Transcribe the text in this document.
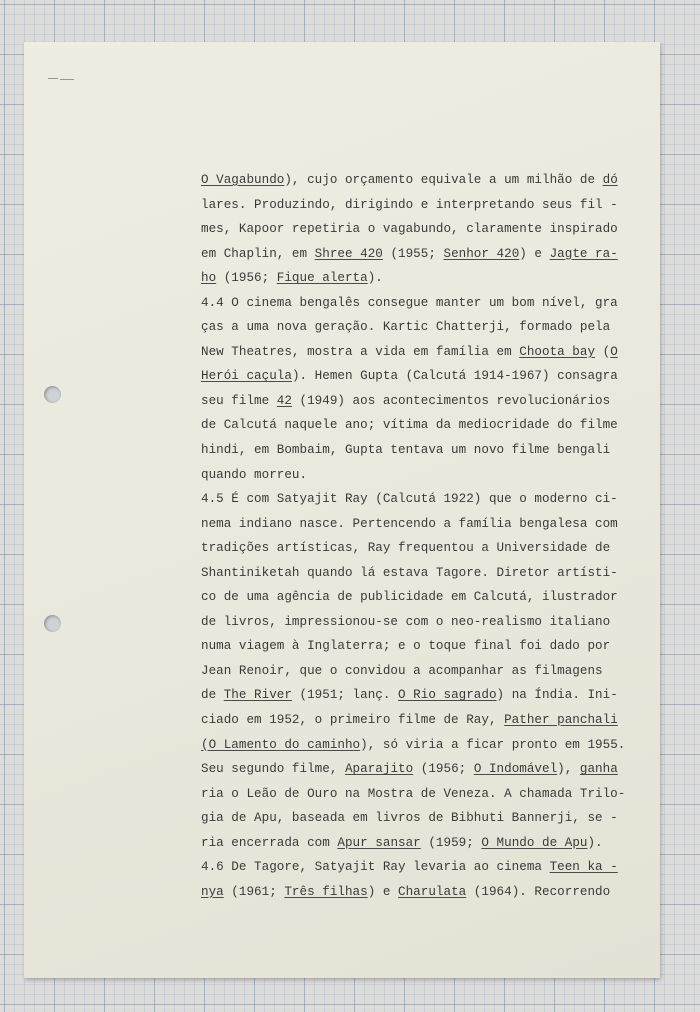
O Vagabundo), cujo orçamento equivale a um milhão de dó
lares. Produzindo, dirigindo e interpretando seus fil -
mes, Kapoor repetiria o vagabundo, claramente inspirado
em Chaplin, em Shree 420 (1955; Senhor 420) e Jagte ra-
ho (1956; Fique alerta).
4.4 O cinema bengalês consegue manter um bom nível, gra
ças a uma nova geração. Kartic Chatterji, formado pela
New Theatres, mostra a vida em família em Choota bay (O
Herói caçula). Hemen Gupta (Calcutá 1914-1967) consagra
seu filme 42 (1949) aos acontecimentos revolucionários
de Calcutá naquele ano; vítima da mediocridade do filme
hindi, em Bombaim, Gupta tentava um novo filme bengali
quando morreu.
4.5 É com Satyajit Ray (Calcutá 1922) que o moderno ci-
nema indiano nasce. Pertencendo a família bengalesa com
tradições artísticas, Ray frequentou a Universidade de
Shantiniketah quando lá estava Tagore. Diretor artísti-
co de uma agência de publicidade em Calcutá, ilustrador
de livros, impressionou-se com o neo-realismo italiano
numa viagem à Inglaterra; e o toque final foi dado por
Jean Renoir, que o convidou a acompanhar as filmagens
de The River (1951; lanç. O Rio sagrado) na Índia. Ini-
ciado em 1952, o primeiro filme de Ray, Pather panchali
(O Lamento do caminho), só viria a ficar pronto em 1955.
Seu segundo filme, Aparajito (1956; O Indomável), ganha
ria o Leão de Ouro na Mostra de Veneza. A chamada Trilo-
gia de Apu, baseada em livros de Bibhuti Bannerji, se -
ria encerrada com Apur sansar (1959; O Mundo de Apu).
4.6 De Tagore, Satyajit Ray levaria ao cinema Teen ka -
nya (1961; Três filhas) e Charulata (1964). Recorrendo
